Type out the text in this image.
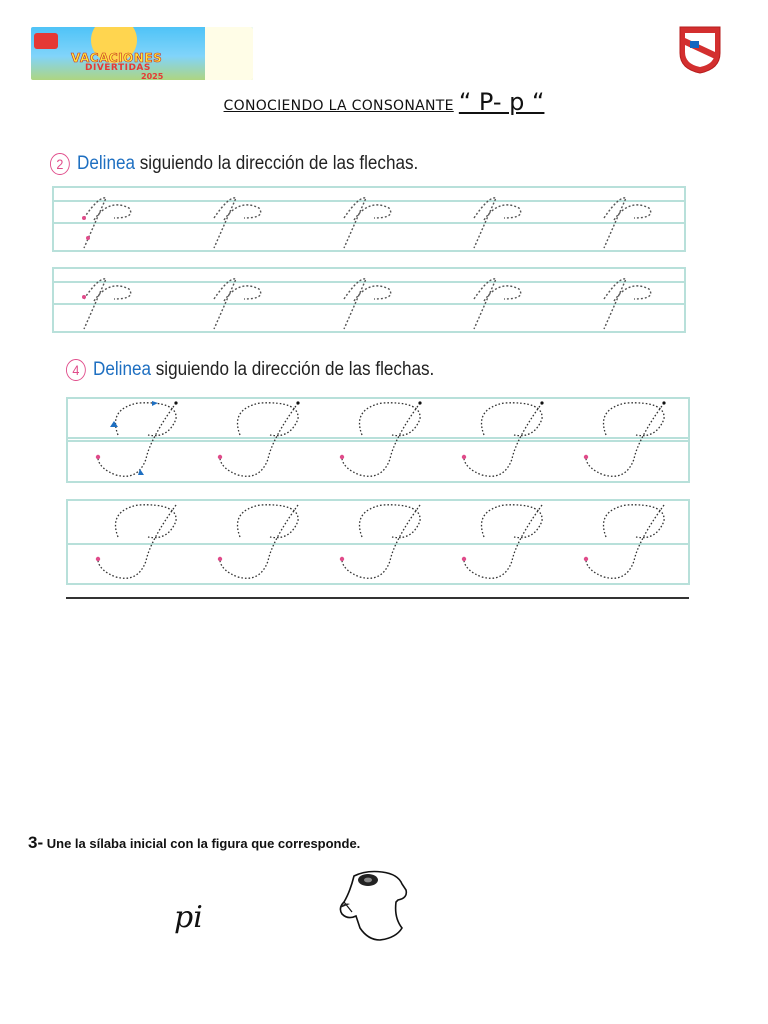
VACACIONES
DIVERTIDAS
2025
CONOCIENDO LA CONSONANTE “ P- p “
2 Delinea siguiendo la dirección de las flechas.
4 Delinea siguiendo la dirección de las flechas.
3- Une la sílaba inicial con la figura que corresponde.
pi
